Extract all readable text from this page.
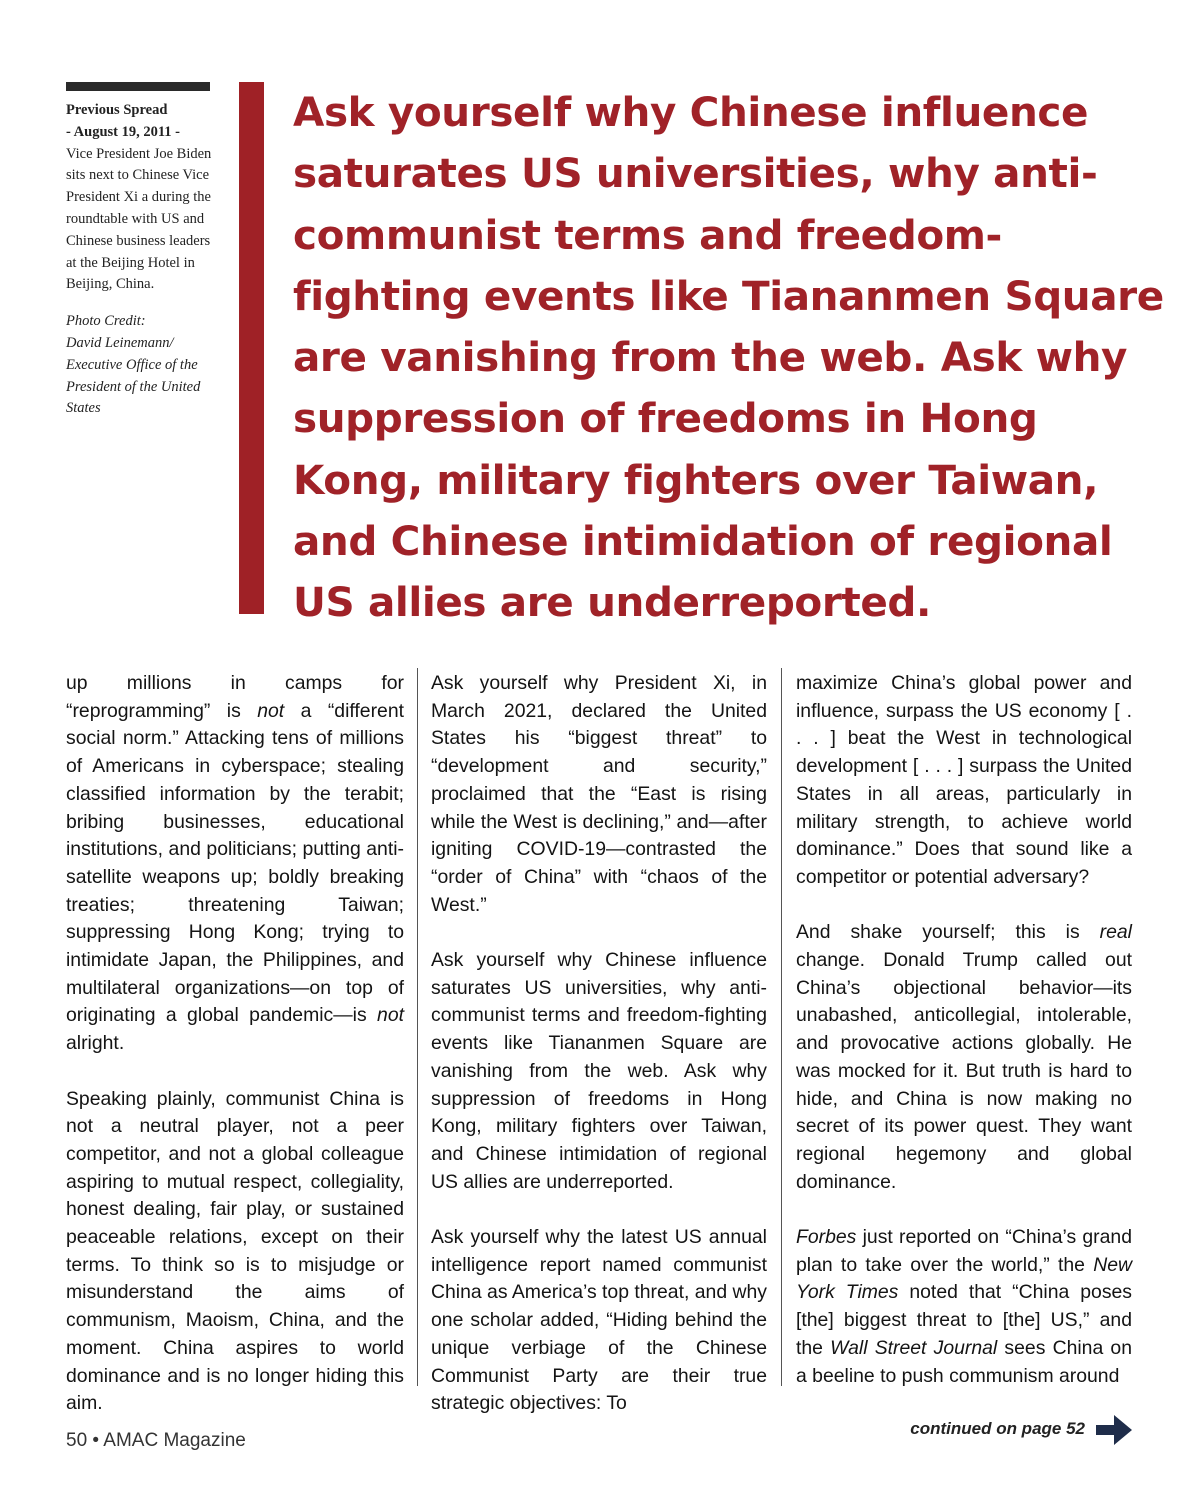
Previous Spread
- August 19, 2011 -

Vice President Joe Biden sits next to Chinese Vice President Xi a during the roundtable with US and Chinese business leaders at the Beijing Hotel in Beijing, China.

Photo Credit:
David Leinemann/ Executive Office of the President of the United States

Ask yourself why Chinese influence
saturates US universities, why anti-
communist terms and freedom-
fighting events like Tiananmen Square
are vanishing from the web. Ask why
suppression of freedoms in Hong
Kong, military fighters over Taiwan,
and Chinese intimidation of regional
US allies are underreported.

up millions in camps for “reprogramming” is not a “different social norm.” Attacking tens of millions of Americans in cyberspace; stealing classified information by the terabit; bribing businesses, educational institutions, and politicians; putting anti-satellite weapons up; boldly breaking treaties; threatening Taiwan; suppressing Hong Kong; trying to intimidate Japan, the Philippines, and multilateral organizations—on top of originating a global pandemic—is not alright.

Speaking plainly, communist China is not a neutral player, not a peer competitor, and not a global colleague aspiring to mutual respect, collegiality, honest dealing, fair play, or sustained peaceable relations, except on their terms. To think so is to misjudge or misunderstand the aims of communism, Maoism, China, and the moment. China aspires to world dominance and is no longer hiding this aim.

Ask yourself why President Xi, in March 2021, declared the United States his “biggest threat” to “development and security,” proclaimed that the “East is rising while the West is declining,” and—after igniting COVID-19—contrasted the “order of China” with “chaos of the West.”

Ask yourself why Chinese influence saturates US universities, why anti-communist terms and freedom-fighting events like Tiananmen Square are vanishing from the web. Ask why suppression of freedoms in Hong Kong, military fighters over Taiwan, and Chinese intimidation of regional US allies are underreported.

Ask yourself why the latest US annual intelligence report named communist China as America’s top threat, and why one scholar added, “Hiding behind the unique verbiage of the Chinese Communist Party are their true strategic objectives: To

maximize China’s global power and influence, surpass the US economy [ . . . ] beat the West in technological development [ . . . ] surpass the United States in all areas, particularly in military strength, to achieve world dominance.” Does that sound like a competitor or potential adversary?

And shake yourself; this is real change. Donald Trump called out China’s objectional behavior—its unabashed, anticollegial, intolerable, and provocative actions globally. He was mocked for it. But truth is hard to hide, and China is now making no secret of its power quest. They want regional hegemony and global dominance.

Forbes just reported on “China’s grand plan to take over the world,” the New York Times noted that “China poses [the] biggest threat to [the] US,” and the Wall Street Journal sees China on a beeline to push communism around

50 • AMAC Magazine
continued on page 52
